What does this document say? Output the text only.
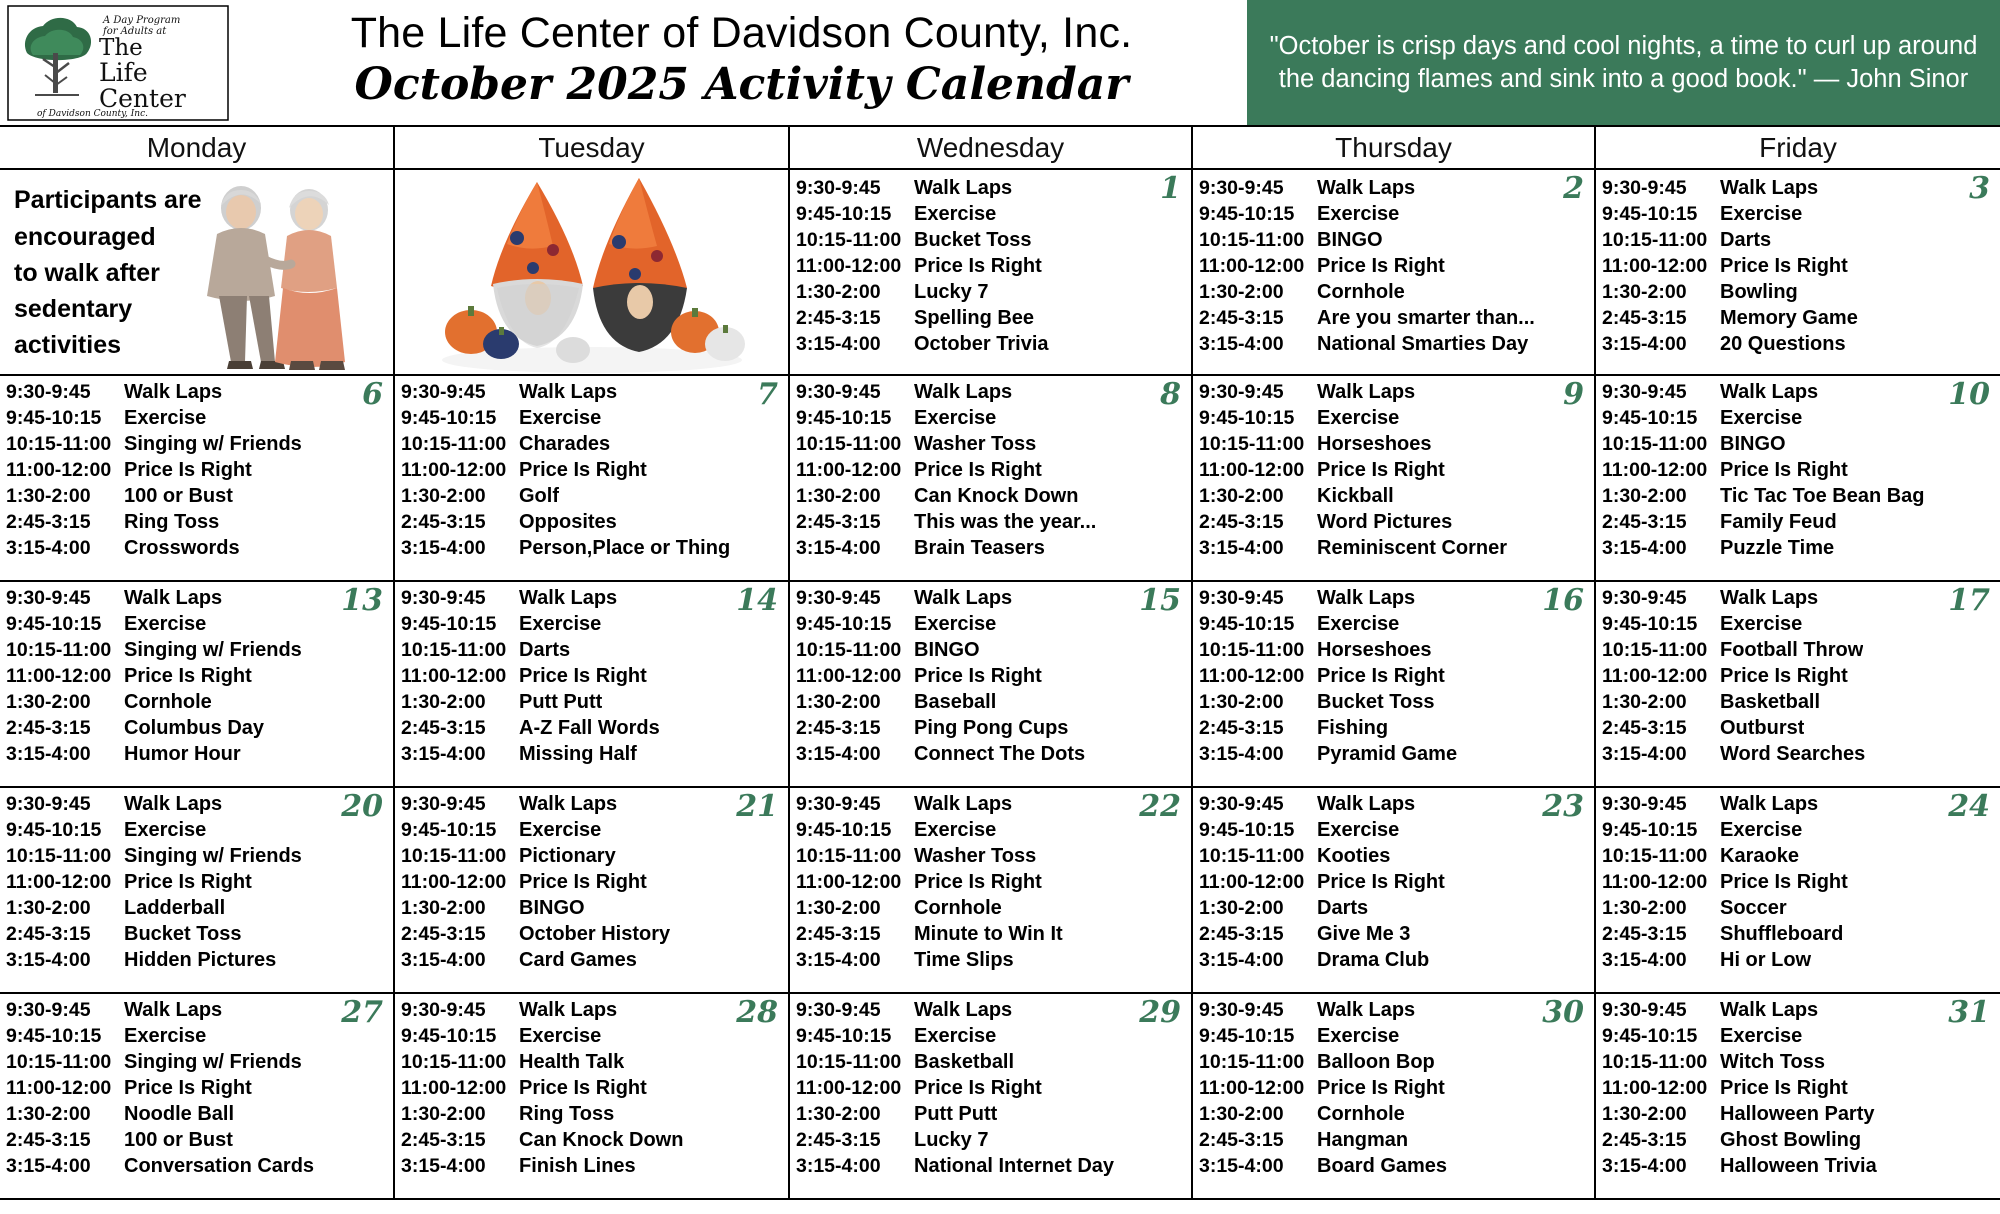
A Day Program
for Adults at
The
Life
Center
of Davidson County, Inc.
The Life Center of Davidson County, Inc.
October 2025 Activity Calendar
"October is crisp days and cool nights, a time to curl up around the dancing flames and sink into a good book." — John Sinor
Monday	Tuesday	Wednesday	Thursday	Friday
Participants are
encouraged
to walk after
sedentary
activities
1
9:30-9:45	Walk Laps
9:45-10:15	Exercise
10:15-11:00 Bucket Toss
11:00-12:00 Price Is Right
1:30-2:00	Lucky 7
2:45-3:15	Spelling Bee
3:15-4:00	October Trivia
2
9:30-9:45	Walk Laps
9:45-10:15	Exercise
10:15-11:00 BINGO
11:00-12:00 Price Is Right
1:30-2:00	Cornhole
2:45-3:15	Are you smarter than...
3:15-4:00	National Smarties Day
3
9:30-9:45	Walk Laps
9:45-10:15	Exercise
10:15-11:00 Darts
11:00-12:00 Price Is Right
1:30-2:00	Bowling
2:45-3:15	Memory Game
3:15-4:00	20 Questions
6
9:30-9:45	Walk Laps
9:45-10:15	Exercise
10:15-11:00 Singing w/ Friends
11:00-12:00 Price Is Right
1:30-2:00	100 or Bust
2:45-3:15	Ring Toss
3:15-4:00	Crosswords
7
9:30-9:45	Walk Laps
9:45-10:15	Exercise
10:15-11:00 Charades
11:00-12:00 Price Is Right
1:30-2:00	Golf
2:45-3:15	Opposites
3:15-4:00	Person,Place or Thing
8
9:30-9:45	Walk Laps
9:45-10:15	Exercise
10:15-11:00 Washer Toss
11:00-12:00 Price Is Right
1:30-2:00	Can Knock Down
2:45-3:15	This was the year...
3:15-4:00	Brain Teasers
9
9:30-9:45	Walk Laps
9:45-10:15	Exercise
10:15-11:00 Horseshoes
11:00-12:00 Price Is Right
1:30-2:00	Kickball
2:45-3:15	Word Pictures
3:15-4:00	Reminiscent Corner
10
9:30-9:45	Walk Laps
9:45-10:15	Exercise
10:15-11:00 BINGO
11:00-12:00 Price Is Right
1:30-2:00	Tic Tac Toe Bean Bag
2:45-3:15	Family Feud
3:15-4:00	Puzzle Time
13
9:30-9:45	Walk Laps
9:45-10:15	Exercise
10:15-11:00 Singing w/ Friends
11:00-12:00 Price Is Right
1:30-2:00	Cornhole
2:45-3:15	Columbus Day
3:15-4:00	Humor Hour
14
9:30-9:45	Walk Laps
9:45-10:15	Exercise
10:15-11:00 Darts
11:00-12:00 Price Is Right
1:30-2:00	Putt Putt
2:45-3:15	A-Z Fall Words
3:15-4:00	Missing Half
15
9:30-9:45	Walk Laps
9:45-10:15	Exercise
10:15-11:00 BINGO
11:00-12:00 Price Is Right
1:30-2:00	Baseball
2:45-3:15	Ping Pong Cups
3:15-4:00	Connect The Dots
16
9:30-9:45	Walk Laps
9:45-10:15	Exercise
10:15-11:00 Horseshoes
11:00-12:00 Price Is Right
1:30-2:00	Bucket Toss
2:45-3:15	Fishing
3:15-4:00	Pyramid Game
17
9:30-9:45	Walk Laps
9:45-10:15	Exercise
10:15-11:00 Football Throw
11:00-12:00 Price Is Right
1:30-2:00	Basketball
2:45-3:15	Outburst
3:15-4:00	Word Searches
20
9:30-9:45	Walk Laps
9:45-10:15	Exercise
10:15-11:00 Singing w/ Friends
11:00-12:00 Price Is Right
1:30-2:00	Ladderball
2:45-3:15	Bucket Toss
3:15-4:00	Hidden Pictures
21
9:30-9:45	Walk Laps
9:45-10:15	Exercise
10:15-11:00 Pictionary
11:00-12:00 Price Is Right
1:30-2:00	BINGO
2:45-3:15	October History
3:15-4:00	Card Games
22
9:30-9:45	Walk Laps
9:45-10:15	Exercise
10:15-11:00 Washer Toss
11:00-12:00 Price Is Right
1:30-2:00	Cornhole
2:45-3:15	Minute to Win It
3:15-4:00	Time Slips
23
9:30-9:45	Walk Laps
9:45-10:15	Exercise
10:15-11:00 Kooties
11:00-12:00 Price Is Right
1:30-2:00	Darts
2:45-3:15	Give Me 3
3:15-4:00	Drama Club
24
9:30-9:45	Walk Laps
9:45-10:15	Exercise
10:15-11:00 Karaoke
11:00-12:00 Price Is Right
1:30-2:00	Soccer
2:45-3:15	Shuffleboard
3:15-4:00	Hi or Low
27
9:30-9:45	Walk Laps
9:45-10:15	Exercise
10:15-11:00 Singing w/ Friends
11:00-12:00 Price Is Right
1:30-2:00	Noodle Ball
2:45-3:15	100 or Bust
3:15-4:00	Conversation Cards
28
9:30-9:45	Walk Laps
9:45-10:15	Exercise
10:15-11:00 Health Talk
11:00-12:00 Price Is Right
1:30-2:00	Ring Toss
2:45-3:15	Can Knock Down
3:15-4:00	Finish Lines
29
9:30-9:45	Walk Laps
9:45-10:15	Exercise
10:15-11:00 Basketball
11:00-12:00 Price Is Right
1:30-2:00	Putt Putt
2:45-3:15	Lucky 7
3:15-4:00	National Internet Day
30
9:30-9:45	Walk Laps
9:45-10:15	Exercise
10:15-11:00 Balloon Bop
11:00-12:00 Price Is Right
1:30-2:00	Cornhole
2:45-3:15	Hangman
3:15-4:00	Board Games
31
9:30-9:45	Walk Laps
9:45-10:15	Exercise
10:15-11:00 Witch Toss
11:00-12:00 Price Is Right
1:30-2:00	Halloween Party
2:45-3:15	Ghost Bowling
3:15-4:00	Halloween Trivia
